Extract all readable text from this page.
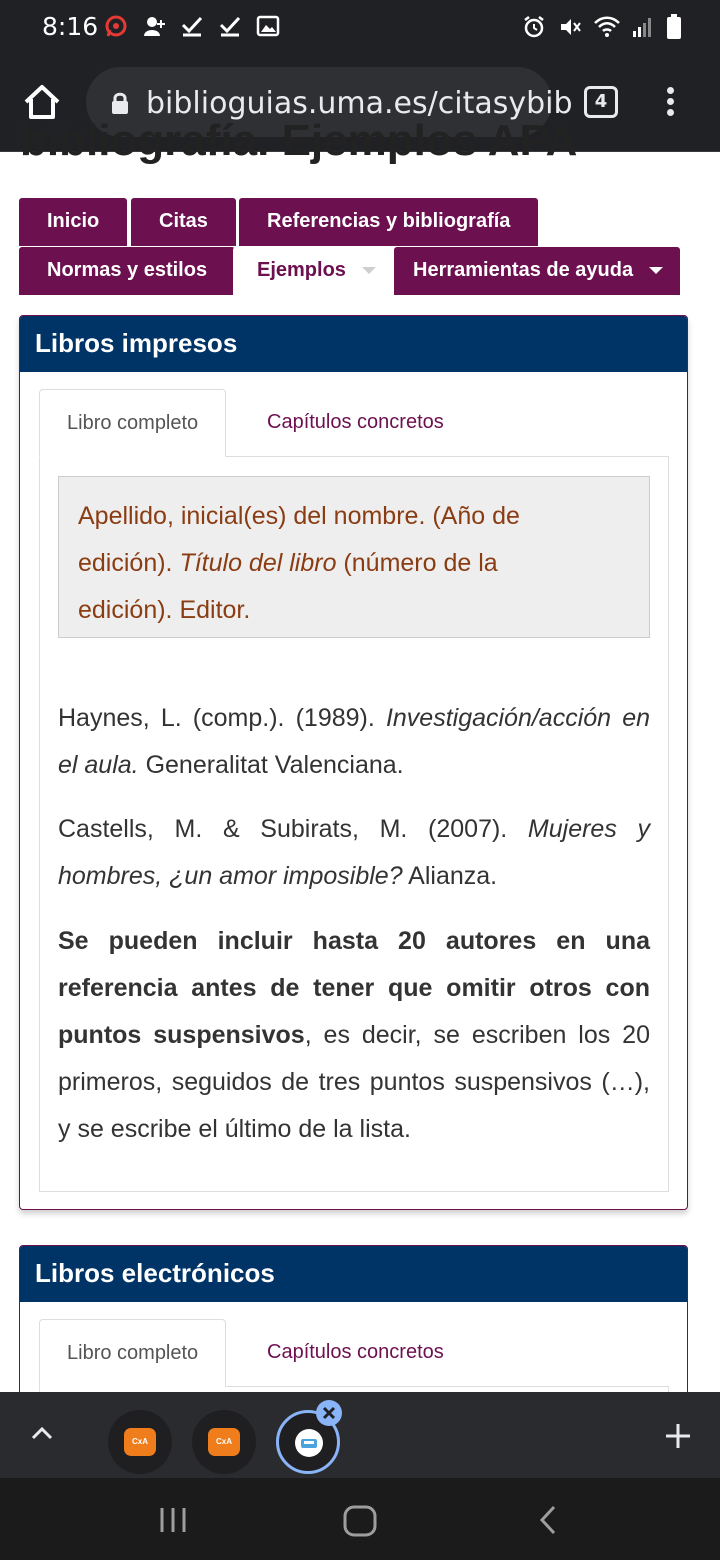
8:16
biblioguias.uma.es/citasybib	4
bibliografía. Ejemplos APA
Inicio	Citas	Referencias y bibliografía
Normas y estilos	Ejemplos	Herramientas de ayuda
Libros impresos
Libro completo	Capítulos concretos
Apellido, inicial(es) del nombre. (Año de edición). Título del libro (número de la edición). Editor.
Haynes, L. (comp.). (1989). Investigación/acción en el aula. Generalitat Valenciana.
Castells, M. & Subirats, M. (2007). Mujeres y hombres, ¿un amor imposible? Alianza.
Se pueden incluir hasta 20 autores en una referencia antes de tener que omitir otros con puntos suspensivos, es decir, se escriben los 20 primeros, seguidos de tres puntos suspensivos (…), y se escribe el último de la lista.
Libros electrónicos
Libro completo	Capítulos concretos
CxA	CxA
